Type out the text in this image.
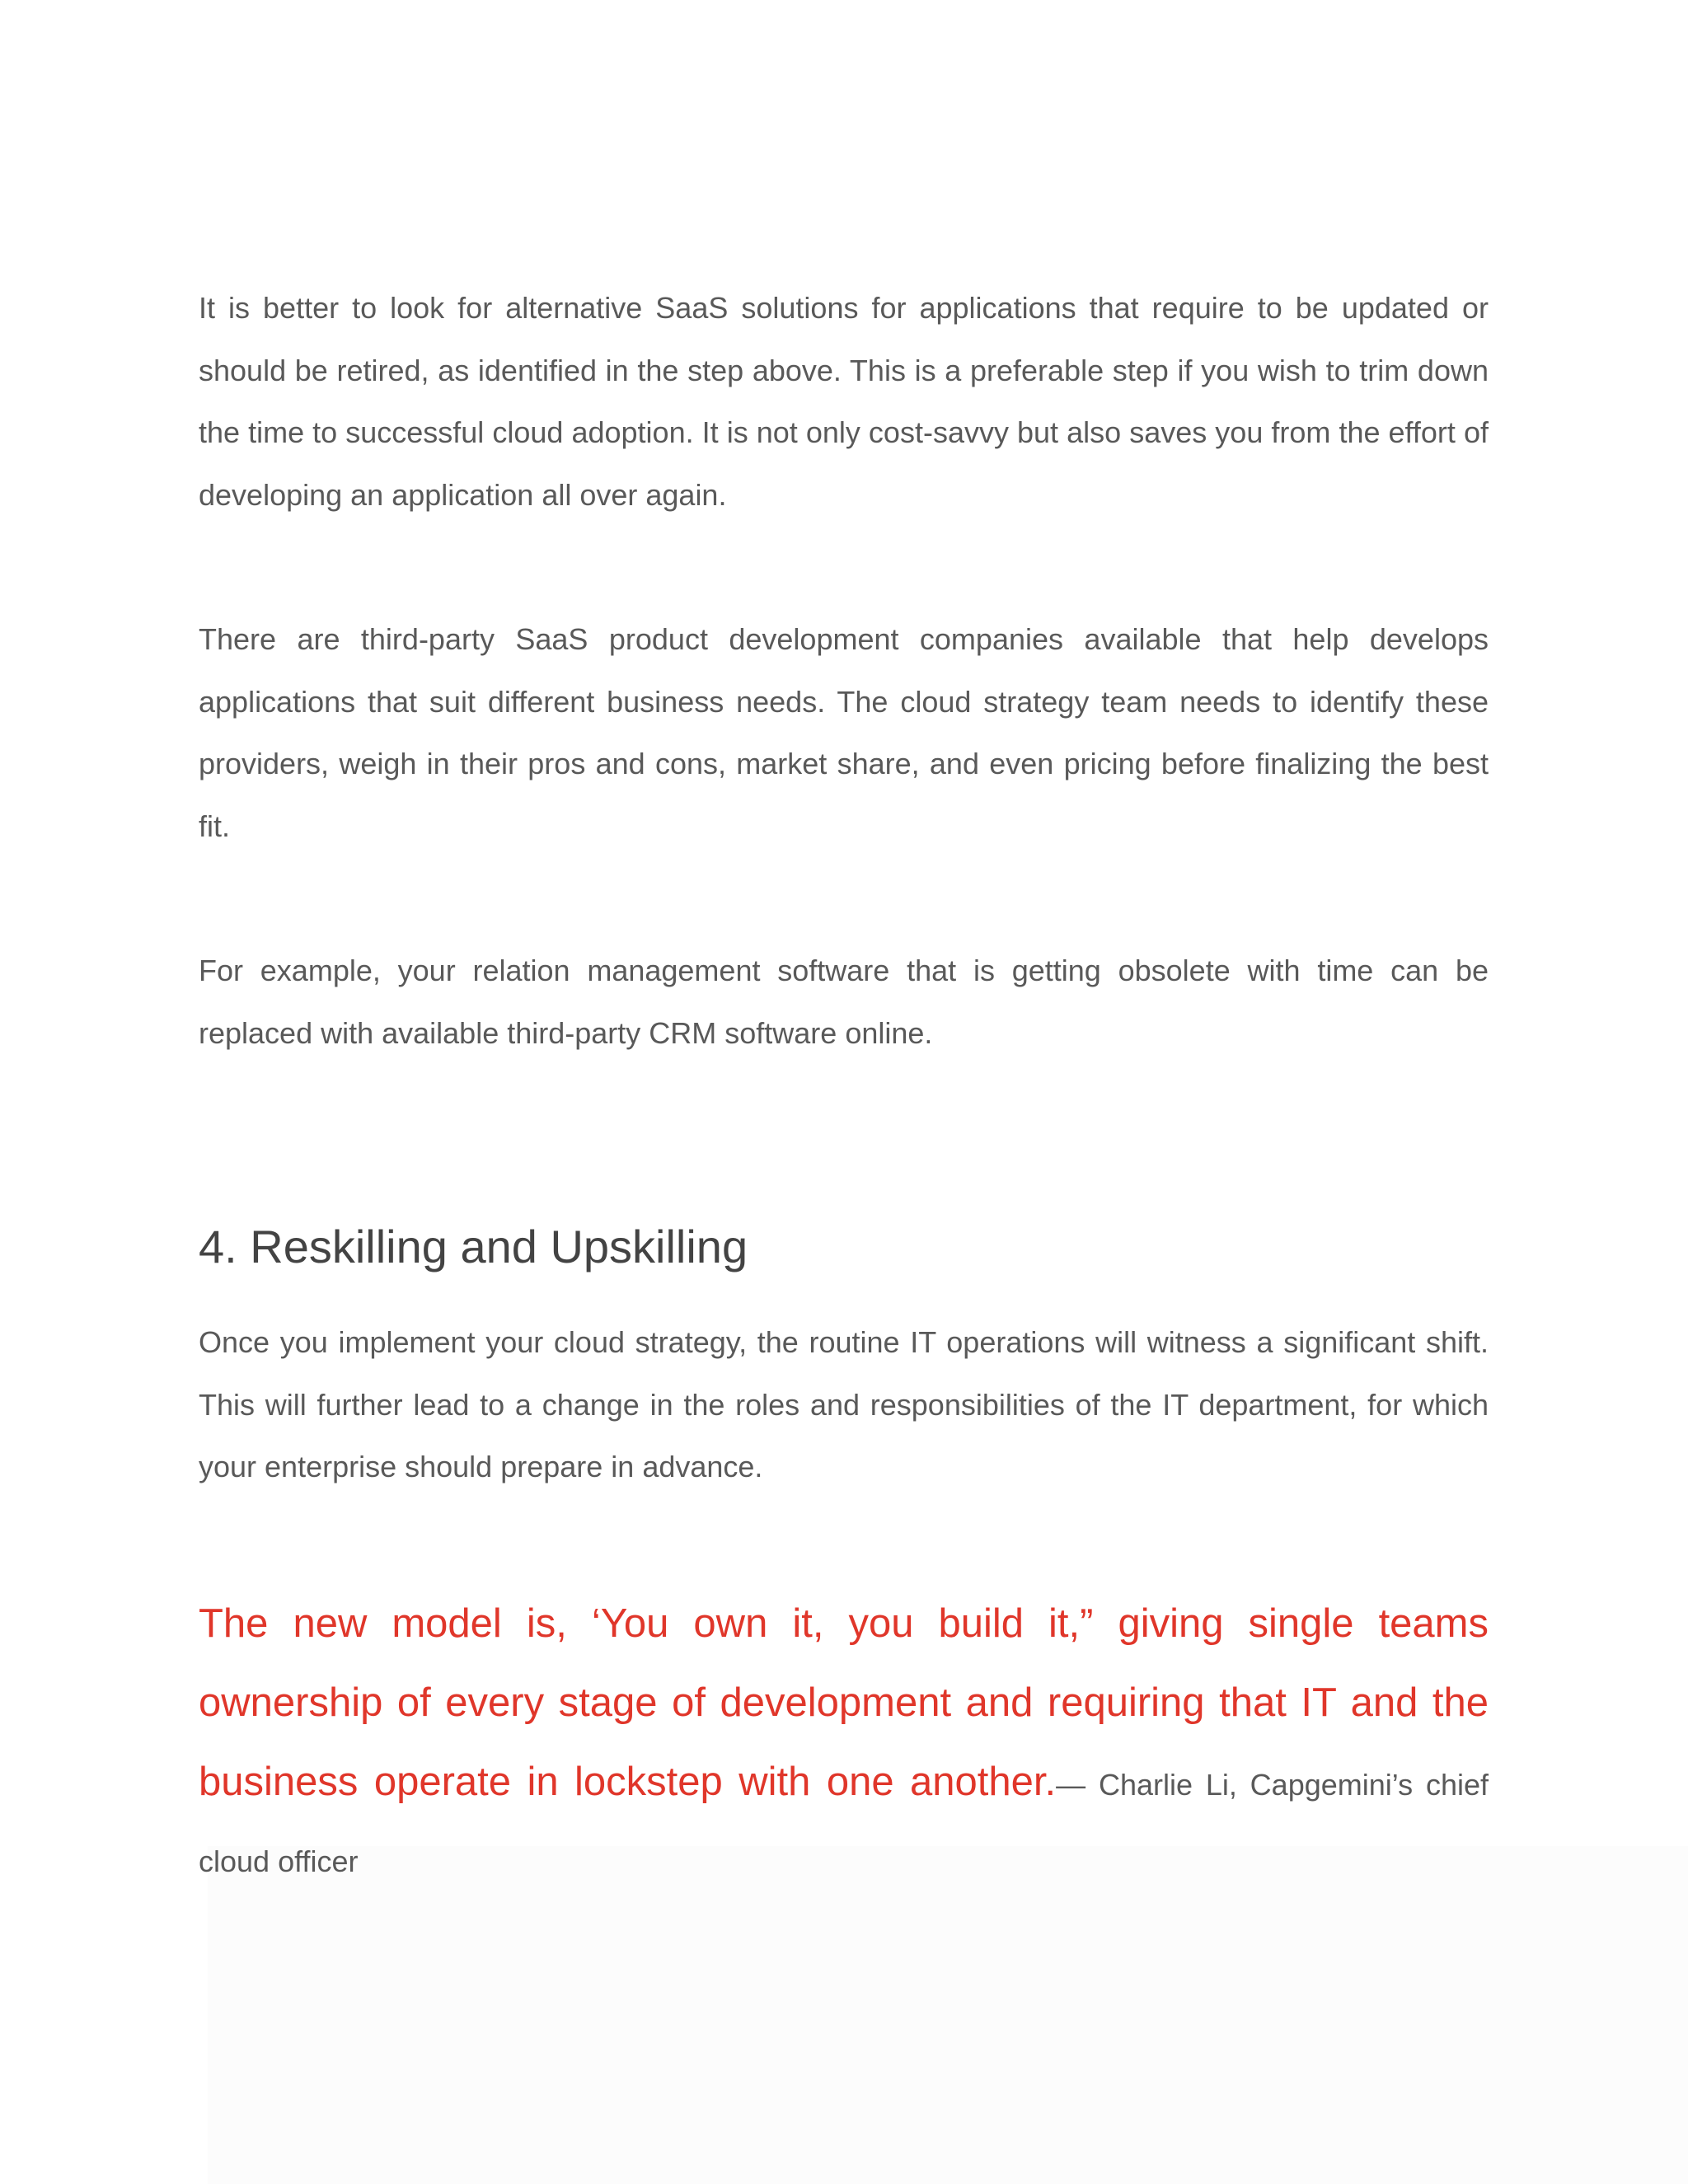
It is better to look for alternative SaaS solutions for applications that require to be updated or should be retired, as identified in the step above. This is a preferable step if you wish to trim down the time to successful cloud adoption. It is not only cost-savvy but also saves you from the effort of developing an application all over again.

There are third-party SaaS product development companies available that help develops applications that suit different business needs. The cloud strategy team needs to identify these providers, weigh in their pros and cons, market share, and even pricing before finalizing the best fit.

For example, your relation management software that is getting obsolete with time can be replaced with available third-party CRM software online.

4. Reskilling and Upskilling

Once you implement your cloud strategy, the routine IT operations will witness a significant shift. This will further lead to a change in the roles and responsibilities of the IT department, for which your enterprise should prepare in advance.

The new model is, ‘You own it, you build it,” giving single teams ownership of every stage of development and requiring that IT and the business operate in lockstep with one another.— Charlie Li, Capgemini’s chief cloud officer
